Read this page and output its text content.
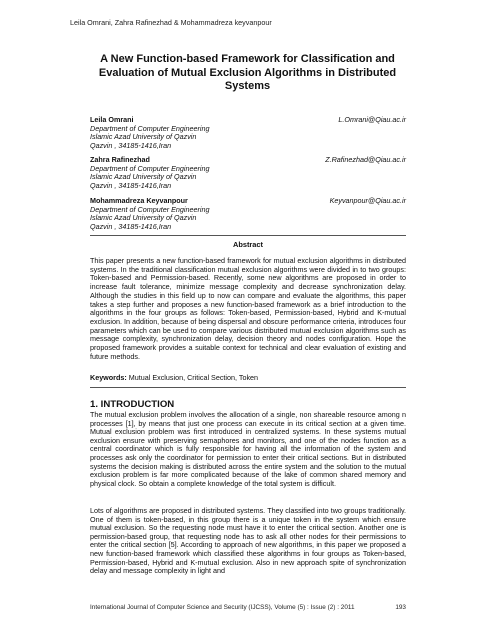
Leila Omrani, Zahra Rafinezhad & Mohammadreza keyvanpour
A New Function-based Framework for Classification and Evaluation of Mutual Exclusion Algorithms in Distributed Systems
Leila Omrani	L.Omrani@Qiau.ac.ir
Department of Computer Engineering
Islamic Azad University of Qazvin
Qazvin , 34185-1416,Iran
Zahra Rafinezhad	Z.Rafinezhad@Qiau.ac.ir
Department of Computer Engineering
Islamic Azad University of Qazvin
Qazvin , 34185-1416,Iran
Mohammadreza Keyvanpour	Keyvanpour@Qiau.ac.ir
Department of Computer Engineering
Islamic Azad University of Qazvin
Qazvin , 34185-1416,Iran
Abstract

This paper presents a new function-based framework for mutual exclusion algorithms in distributed systems. In the traditional classification mutual exclusion algorithms were divided in to two groups: Token-based and Permission-based. Recently, some new algorithms are proposed in order to increase fault tolerance, minimize message complexity and decrease synchronization delay. Although the studies in this field up to now can compare and evaluate the algorithms, this paper takes a step further and proposes a new function-based framework as a brief introduction to the algorithms in the four groups as follows: Token-based, Permission-based, Hybrid and K-mutual exclusion. In addition, because of being dispersal and obscure performance criteria, introduces four parameters which can be used to compare various distributed mutual exclusion algorithms such as message complexity, synchronization delay, decision theory and nodes configuration. Hope the proposed framework provides a suitable context for technical and clear evaluation of existing and future methods.

Keywords: Mutual Exclusion, Critical Section, Token
1. INTRODUCTION

The mutual exclusion problem involves the allocation of a single, non shareable resource among n processes [1], by means that just one process can execute in its critical section at a given time. Mutual exclusion problem was first introduced in centralized systems. In these systems mutual exclusion ensure with preserving semaphores and monitors, and one of the nodes function as a central coordinator which is fully responsible for having all the information of the system and processes ask only the coordinator for permission to enter their critical sections. But in distributed systems the decision making is distributed across the entire system and the solution to the mutual exclusion problem is far more complicated because of the lake of common shared memory and physical clock. So obtain a complete knowledge of the total system is difficult.

Lots of algorithms are proposed in distributed systems. They classified into two groups traditionally. One of them is token-based, in this group there is a unique token in the system which ensure mutual exclusion. So the requesting node must have it to enter the critical section. Another one is permission-based group, that requesting node has to ask all other nodes for their permissions to enter the critical section [5]. According to approach of new algorithms, in this paper we proposed a new function-based framework which classified these algorithms in four groups as Token-based, Permission-based, Hybrid and K-mutual exclusion. Also in new approach spite of synchronization delay and message complexity in light and

International Journal of Computer Science and Security (IJCSS), Volume (5) : Issue (2) : 2011	193
